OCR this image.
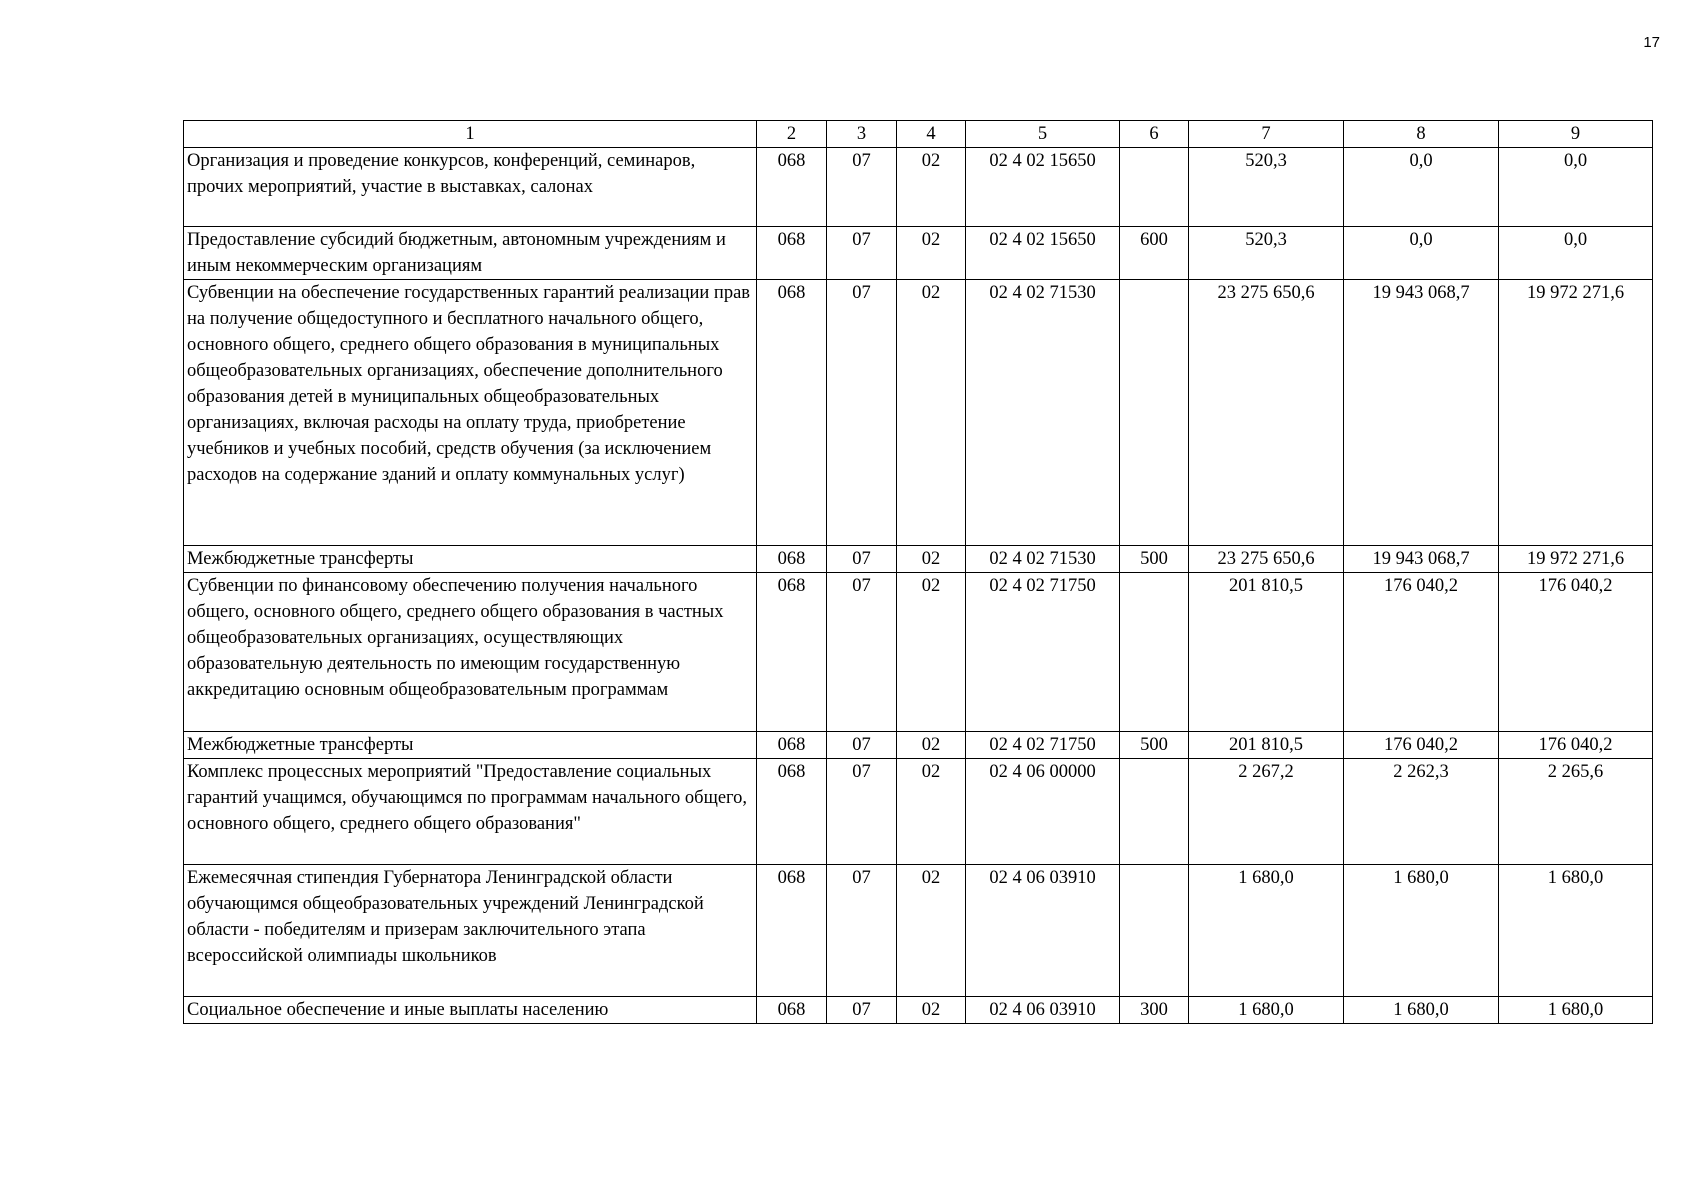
17
1	2	3	4	5	6	7	8	9
Организация и проведение конкурсов, конференций, семинаров, прочих мероприятий, участие в выставках, салонах	068	07	02	02 4 02 15650		520,3	0,0	0,0
Предоставление субсидий бюджетным, автономным учреждениям и иным некоммерческим организациям	068	07	02	02 4 02 15650	600	520,3	0,0	0,0
Субвенции на обеспечение государственных гарантий реализации прав на получение общедоступного и бесплатного начального общего, основного общего, среднего общего образования в муниципальных общеобразовательных организациях, обеспечение дополнительного образования детей в муниципальных общеобразовательных организациях, включая расходы на оплату труда, приобретение учебников и учебных пособий, средств обучения (за исключением расходов на содержание зданий и оплату коммунальных услуг)	068	07	02	02 4 02 71530		23 275 650,6	19 943 068,7	19 972 271,6
Межбюджетные трансферты	068	07	02	02 4 02 71530	500	23 275 650,6	19 943 068,7	19 972 271,6
Субвенции по финансовому обеспечению получения начального общего, основного общего, среднего общего образования в частных общеобразовательных организациях, осуществляющих образовательную деятельность по имеющим государственную аккредитацию основным общеобразовательным программам	068	07	02	02 4 02 71750		201 810,5	176 040,2	176 040,2
Межбюджетные трансферты	068	07	02	02 4 02 71750	500	201 810,5	176 040,2	176 040,2
Комплекс процессных мероприятий "Предоставление социальных гарантий учащимся, обучающимся по программам начального общего, основного общего, среднего общего образования"	068	07	02	02 4 06 00000		2 267,2	2 262,3	2 265,6
Ежемесячная стипендия Губернатора Ленинградской области обучающимся общеобразовательных учреждений Ленинградской области - победителям и призерам заключительного этапа всероссийской олимпиады школьников	068	07	02	02 4 06 03910		1 680,0	1 680,0	1 680,0
Социальное обеспечение и иные выплаты населению	068	07	02	02 4 06 03910	300	1 680,0	1 680,0	1 680,0
